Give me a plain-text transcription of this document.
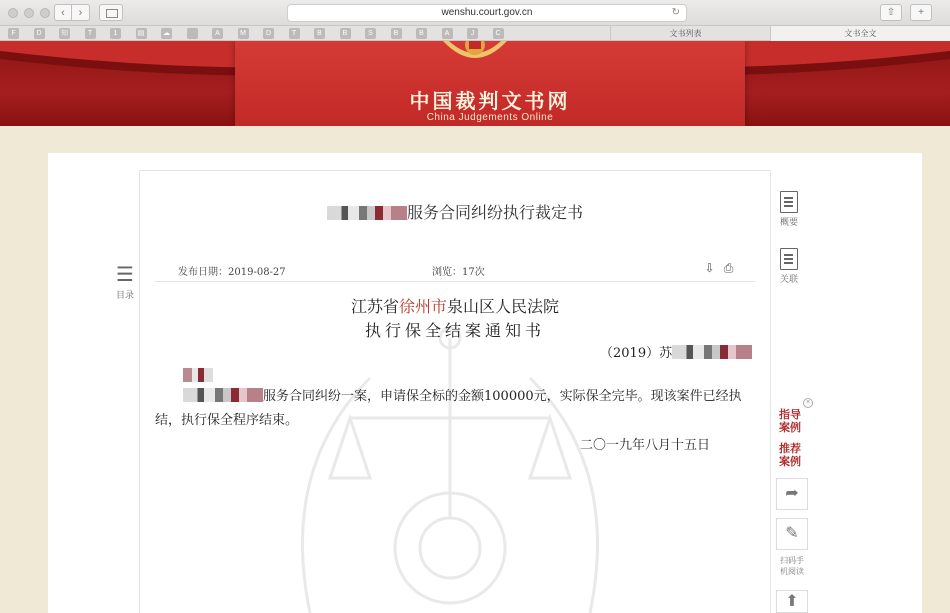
‹ ›	wenshu.court.gov.cn	↻	⇧	+
F	D	知	T	1	▤	☁	A	M	D	T	B	B	S	B	B	A	J	C	文书列表	文书全文
中国裁判文书网
China Judgements Online
服务合同纠纷执行裁定书
发布日期：2019-08-27	浏览：17次	⇩ ⎙
江苏省徐州市泉山区人民法院
执行保全结案通知书
（2019）苏
服务合同纠纷一案，申请保全标的金额100000元，实际保全完毕。现该案件已经执结，执行保全程序结束。
二〇一九年八月十五日
☰
目录
概要
关联
×
指导案例
推荐案例
➦
✎
扫码手机阅读
⬆
